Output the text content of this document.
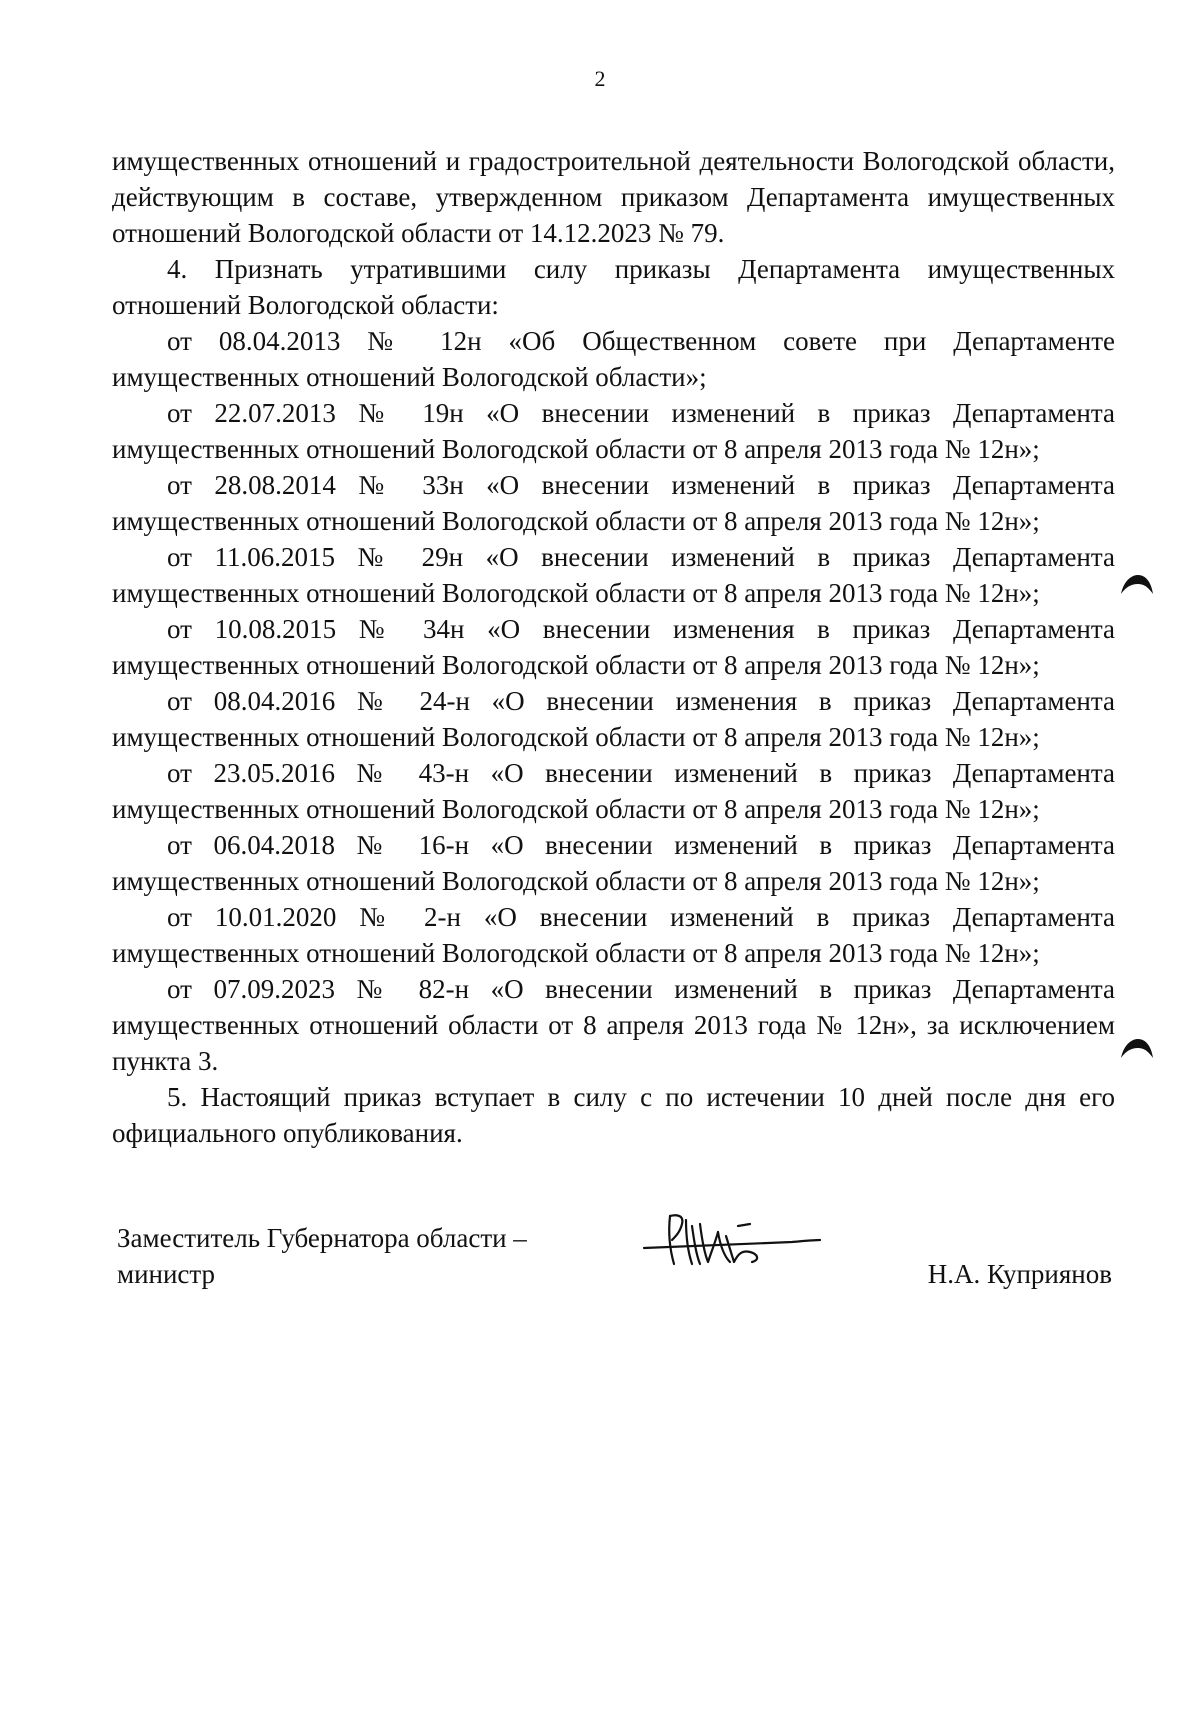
2

имущественных отношений и градостроительной деятельности Вологодской области, действующим в составе, утвержденном приказом Департамента имущественных отношений Вологодской области от 14.12.2023 № 79.

4. Признать утратившими силу приказы Департамента имущественных отношений Вологодской области:

от 08.04.2013 № 12н «Об Общественном совете при Департаменте имущественных отношений Вологодской области»;

от 22.07.2013 № 19н «О внесении изменений в приказ Департамента имущественных отношений Вологодской области от 8 апреля 2013 года № 12н»;

от 28.08.2014 № 33н «О внесении изменений в приказ Департамента имущественных отношений Вологодской области от 8 апреля 2013 года № 12н»;

от 11.06.2015 № 29н «О внесении изменений в приказ Департамента имущественных отношений Вологодской области от 8 апреля 2013 года № 12н»;

от 10.08.2015 № 34н «О внесении изменения в приказ Департамента имущественных отношений Вологодской области от 8 апреля 2013 года № 12н»;

от 08.04.2016 № 24-н «О внесении изменения в приказ Департамента имущественных отношений Вологодской области от 8 апреля 2013 года № 12н»;

от 23.05.2016 № 43-н «О внесении изменений в приказ Департамента имущественных отношений Вологодской области от 8 апреля 2013 года № 12н»;

от 06.04.2018 № 16-н «О внесении изменений в приказ Департамента имущественных отношений Вологодской области от 8 апреля 2013 года № 12н»;

от 10.01.2020 № 2-н «О внесении изменений в приказ Департамента имущественных отношений Вологодской области от 8 апреля 2013 года № 12н»;

от 07.09.2023 № 82-н «О внесении изменений в приказ Департамента имущественных отношений области от 8 апреля 2013 года № 12н», за исключением пункта 3.

5. Настоящий приказ вступает в силу с по истечении 10 дней после дня его официального опубликования.

Заместитель Губернатора области –
министр	Н.А. Куприянов
